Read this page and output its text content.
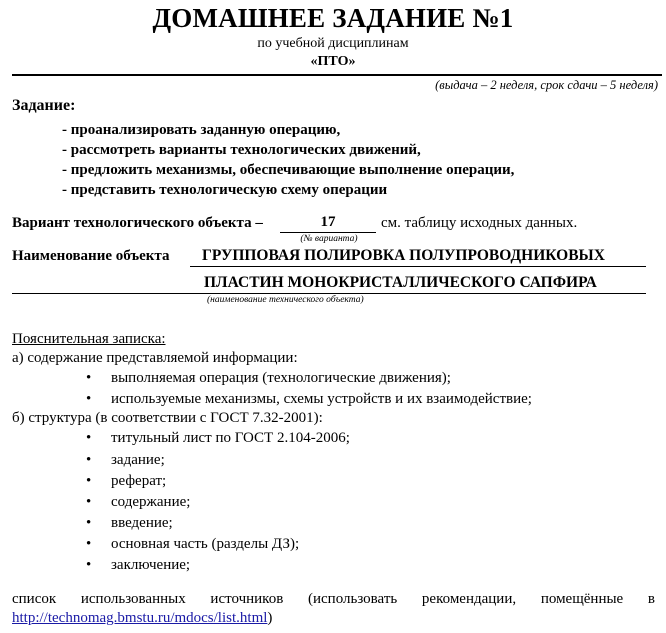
ДОМАШНЕЕ ЗАДАНИЕ №1
по учебной дисциплинам
«ПТО»
(выдача – 2 неделя, срок сдачи – 5 неделя)
Задание:
- проанализировать заданную операцию,
- рассмотреть варианты технологических движений,
- предложить механизмы, обеспечивающие выполнение операции,
- представить технологическую схему операции
Вариант технологического объекта –	17
(№ варианта)
см. таблицу исходных данных.
Наименование объекта ГРУППОВАЯ ПОЛИРОВКА ПОЛУПРОВОДНИКОВЫХ
ПЛАСТИН МОНОКРИСТАЛЛИЧЕСКОГО САПФИРА
(наименование технического объекта)
Пояснительная записка:
а) содержание представляемой информации:
• выполняемая операция (технологические движения);
• используемые механизмы, схемы устройств и их взаимодействие;
б) структура (в соответствии с ГОСТ 7.32-2001):
• титульный лист по ГОСТ 2.104-2006;
• задание;
• реферат;
• содержание;
• введение;
• основная часть (разделы ДЗ);
• заключение;
список использованных источников (использовать рекомендации, помещённые в
http://technomag.bmstu.ru/mdocs/list.html)
